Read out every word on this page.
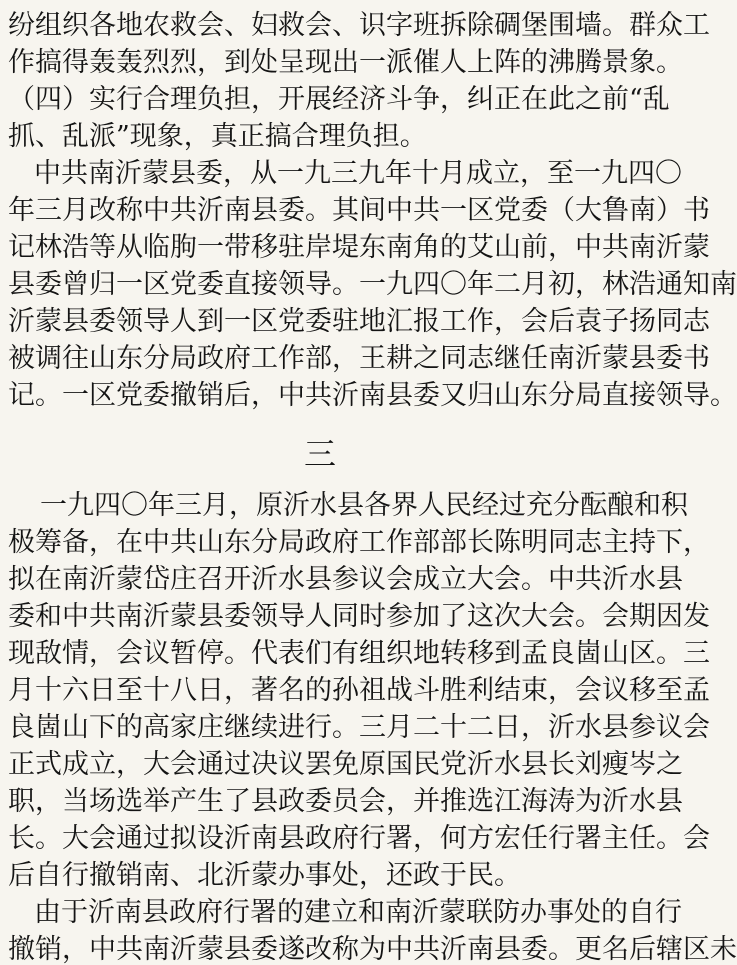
纷组织各地农救会、妇救会、识字班拆除碉堡围墙。群众工
作搞得轰轰烈烈，到处呈现出一派催人上阵的沸腾景象。
（四）实行合理负担，开展经济斗争，纠正在此之前“乱
抓、乱派”现象，真正搞合理负担。
中共南沂蒙县委，从一九三九年十月成立，至一九四〇
年三月改称中共沂南县委。其间中共一区党委（大鲁南）书
记林浩等从临朐一带移驻岸堤东南角的艾山前，中共南沂蒙
县委曾归一区党委直接领导。一九四〇年二月初，林浩通知南
沂蒙县委领导人到一区党委驻地汇报工作，会后袁子扬同志
被调往山东分局政府工作部，王耕之同志继任南沂蒙县委书
记。一区党委撤销后，中共沂南县委又归山东分局直接领导。
三
一九四〇年三月，原沂水县各界人民经过充分酝酿和积
极筹备，在中共山东分局政府工作部部长陈明同志主持下，
拟在南沂蒙岱庄召开沂水县参议会成立大会。中共沂水县
委和中共南沂蒙县委领导人同时参加了这次大会。会期因发
现敌情，会议暂停。代表们有组织地转移到孟良崮山区。三
月十六日至十八日，著名的孙祖战斗胜利结束，会议移至孟
良崮山下的高家庄继续进行。三月二十二日，沂水县参议会
正式成立，大会通过决议罢免原国民党沂水县长刘瘦岑之
职，当场选举产生了县政委员会，并推选江海涛为沂水县
长。大会通过拟设沂南县政府行署，何方宏任行署主任。会
后自行撤销南、北沂蒙办事处，还政于民。
由于沂南县政府行署的建立和南沂蒙联防办事处的自行
撤销，中共南沂蒙县委遂改称为中共沂南县委。更名后辖区未
